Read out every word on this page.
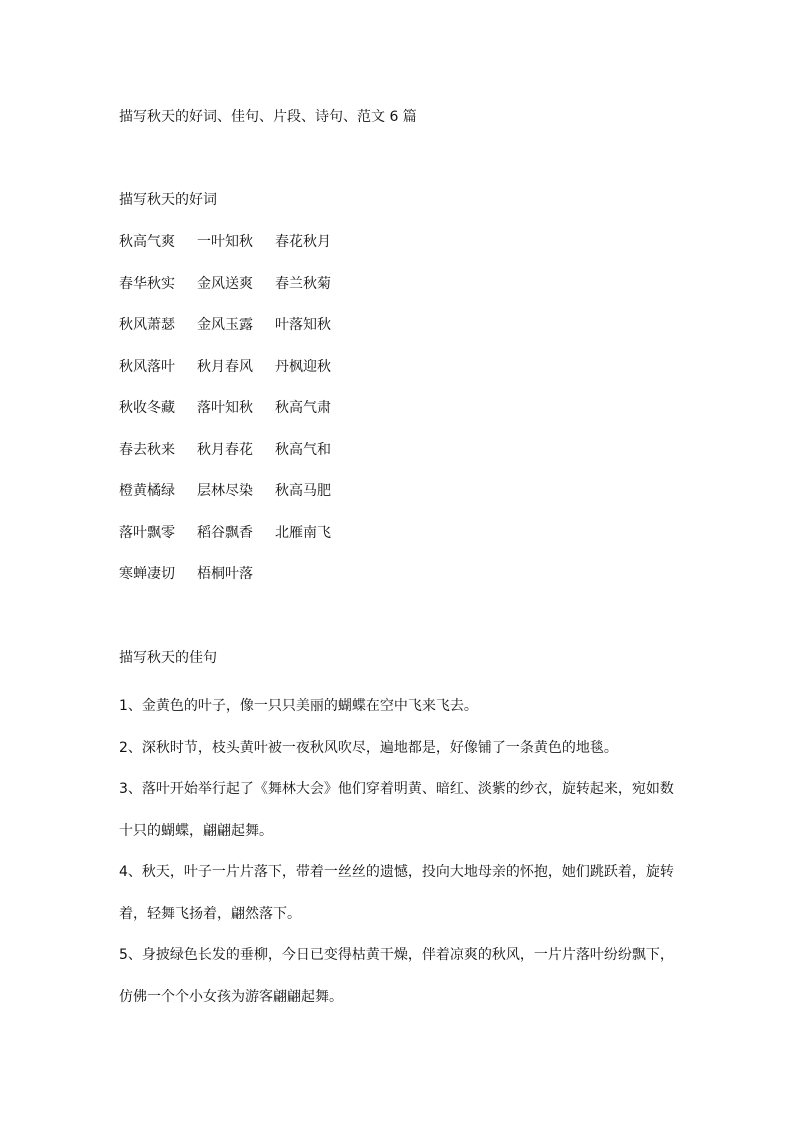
描写秋天的好词、佳句、片段、诗句、范文 6 篇
描写秋天的好词
秋高气爽	一叶知秋	春花秋月
春华秋实	金风送爽	春兰秋菊
秋风萧瑟	金风玉露	叶落知秋
秋风落叶	秋月春风	丹枫迎秋
秋收冬藏	落叶知秋	秋高气肃
春去秋来	秋月春花	秋高气和
橙黄橘绿	层林尽染	秋高马肥
落叶飘零	稻谷飘香	北雁南飞
寒蝉凄切	梧桐叶落
描写秋天的佳句

1、金黄色的叶子，像一只只美丽的蝴蝶在空中飞来飞去。

2、深秋时节，枝头黄叶被一夜秋风吹尽，遍地都是，好像铺了一条黄色的地毯。

3、落叶开始举行起了《舞林大会》他们穿着明黄、暗红、淡紫的纱衣，旋转起来，宛如数
十只的蝴蝶，翩翩起舞。

4、秋天，叶子一片片落下，带着一丝丝的遗憾，投向大地母亲的怀抱，她们跳跃着，旋转
着，轻舞飞扬着，翩然落下。

5、身披绿色长发的垂柳，今日已变得枯黄干燥，伴着凉爽的秋风，一片片落叶纷纷飘下，
仿佛一个个小女孩为游客翩翩起舞。
